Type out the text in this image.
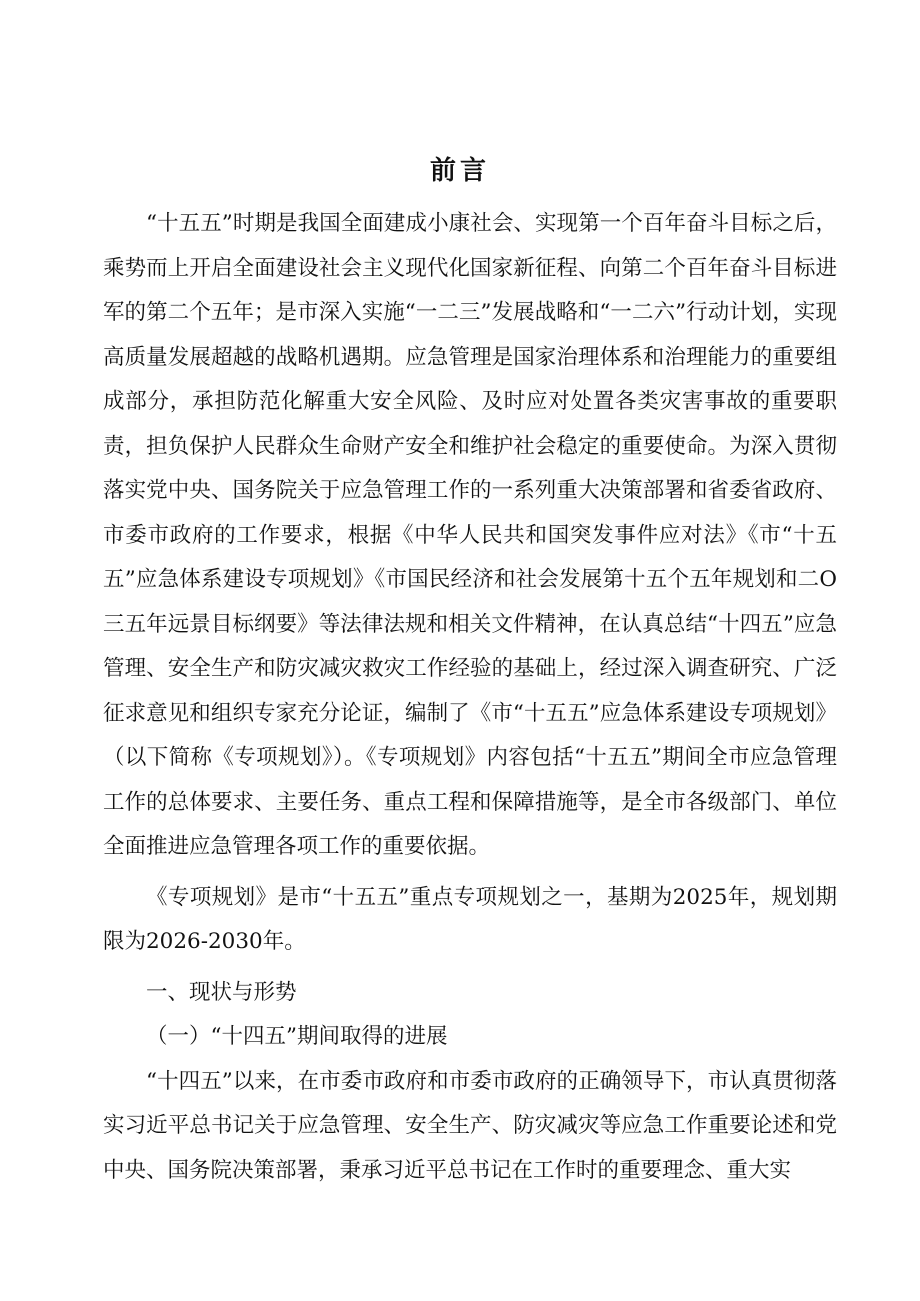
前言

“十五五”时期是我国全面建成小康社会、实现第一个百年奋斗目标之后，乘势而上开启全面建设社会主义现代化国家新征程、向第二个百年奋斗目标进军的第二个五年；是市深入实施“一二三”发展战略和“一二六”行动计划，实现高质量发展超越的战略机遇期。应急管理是国家治理体系和治理能力的重要组成部分，承担防范化解重大安全风险、及时应对处置各类灾害事故的重要职责，担负保护人民群众生命财产安全和维护社会稳定的重要使命。为深入贯彻落实党中央、国务院关于应急管理工作的一系列重大决策部署和省委省政府、市委市政府的工作要求，根据《中华人民共和国突发事件应对法》《市“十五五”应急体系建设专项规划》《市国民经济和社会发展第十五个五年规划和二O三五年远景目标纲要》等法律法规和相关文件精神，在认真总结“十四五”应急管理、安全生产和防灾减灾救灾工作经验的基础上，经过深入调查研究、广泛征求意见和组织专家充分论证，编制了《市“十五五”应急体系建设专项规划》（以下简称《专项规划》）。《专项规划》内容包括“十五五”期间全市应急管理工作的总体要求、主要任务、重点工程和保障措施等，是全市各级部门、单位全面推进应急管理各项工作的重要依据。

《专项规划》是市“十五五”重点专项规划之一，基期为2025年，规划期限为2026-2030年。

一、现状与形势

（一）“十四五”期间取得的进展

“十四五”以来，在市委市政府和市委市政府的正确领导下，市认真贯彻落实习近平总书记关于应急管理、安全生产、防灾减灾等应急工作重要论述和党中央、国务院决策部署，秉承习近平总书记在工作时的重要理念、重大实
